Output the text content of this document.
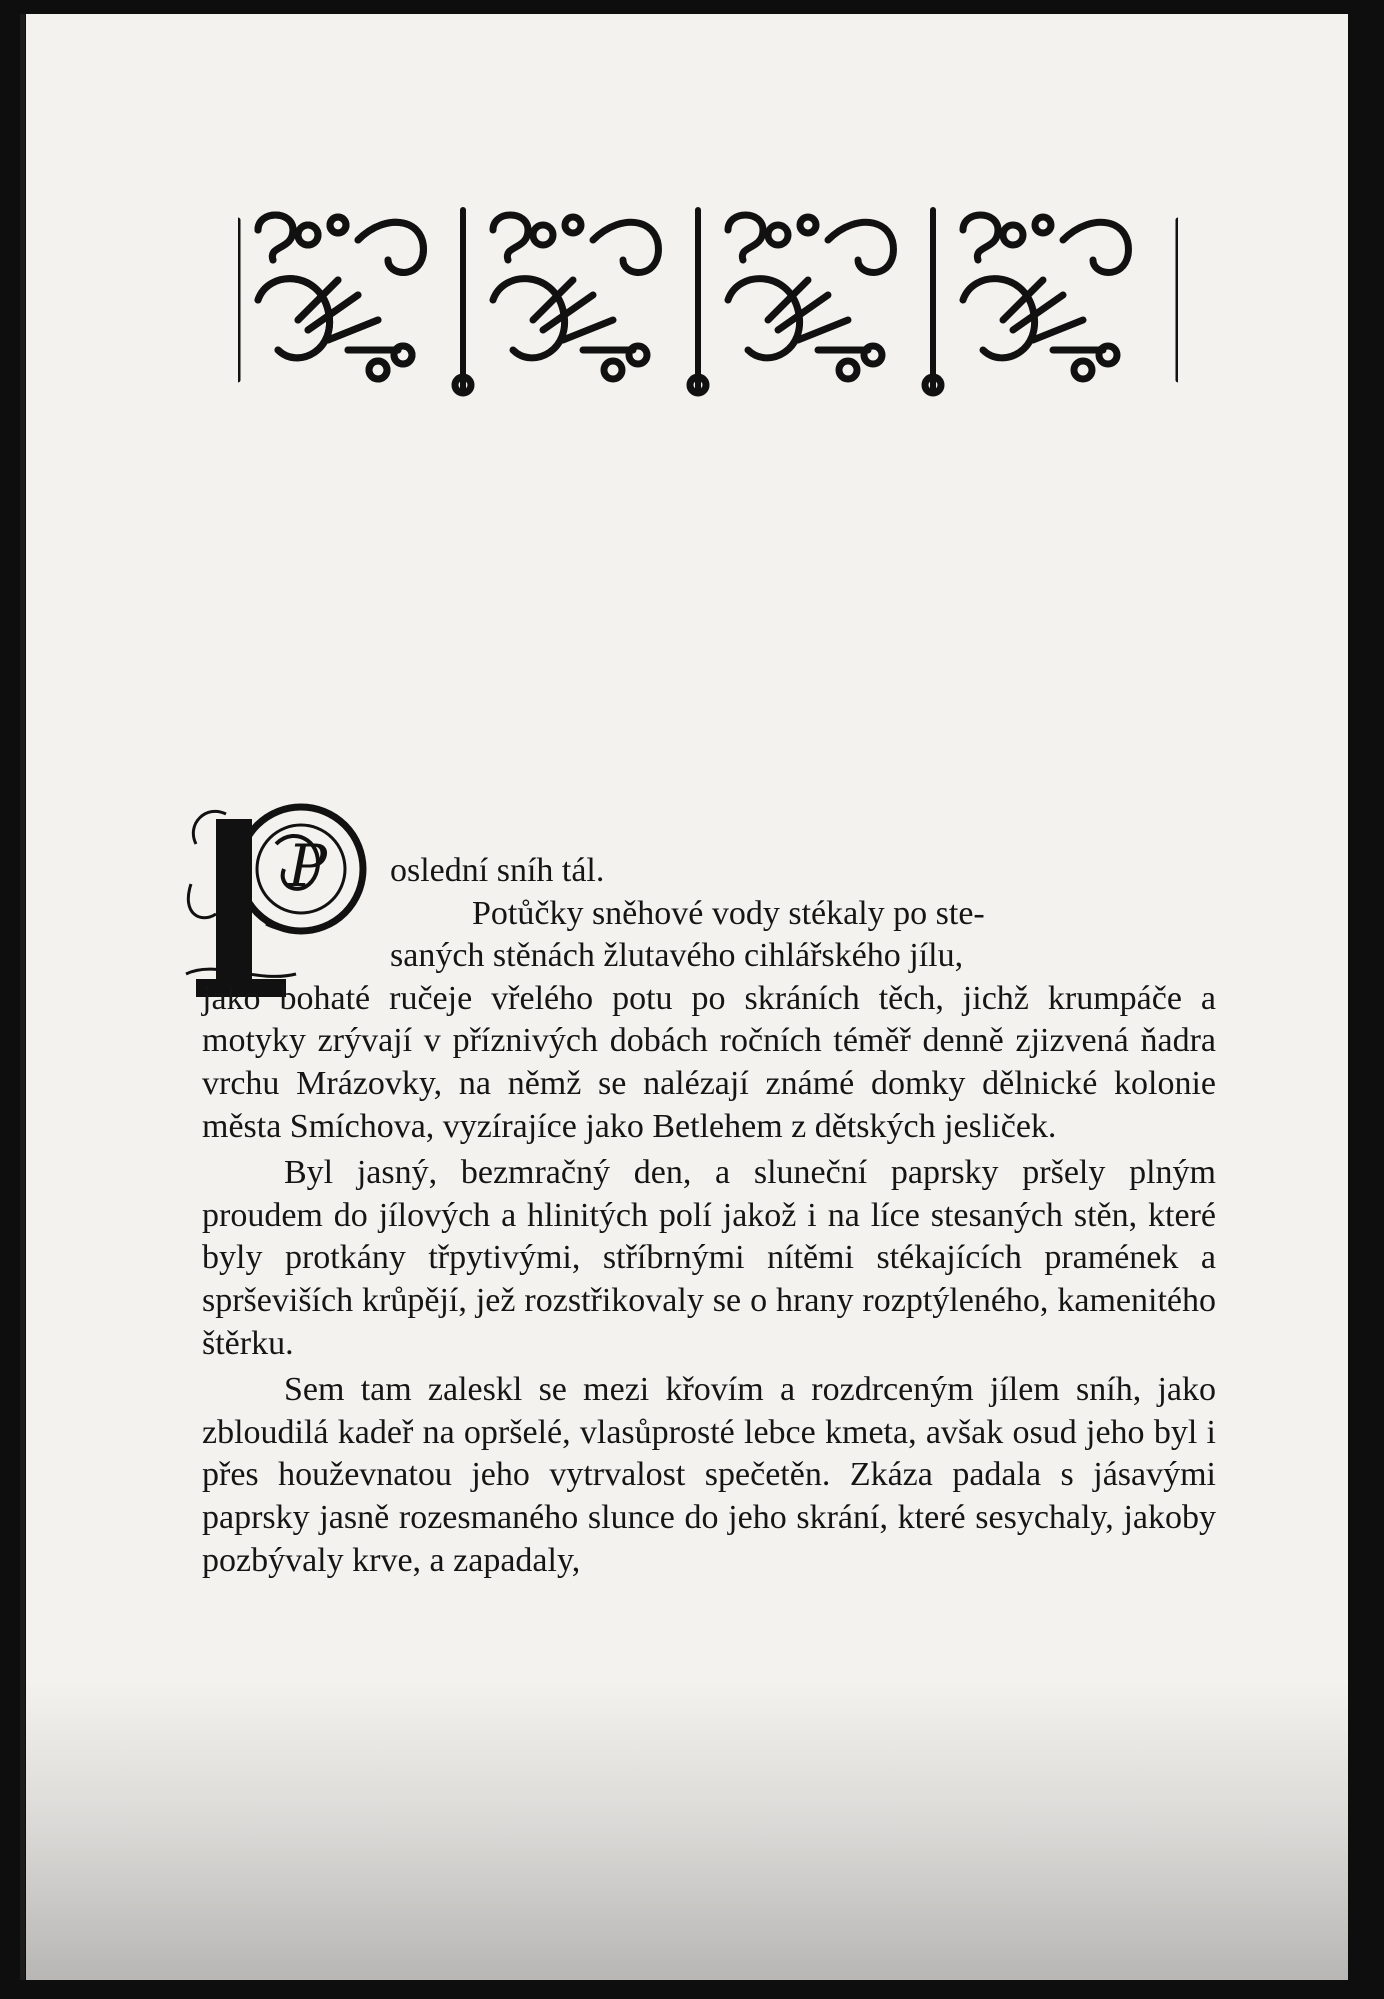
P oslední sníh tál.

Potůčky sněhové vody stékaly po ste-
saných stěnách žlutavého cihlářského jílu,

jako bohaté ručeje vřelého potu po skráních těch, jichž krumpáče a motyky zrývají v příznivých dobách ročních téměř denně zjizvená ňadra vrchu Mrázovky, na němž se nalézají známé domky dělnické kolonie města Smíchova, vyzírajíce jako Betlehem z dětských jesliček.

Byl jasný, bezmračný den, a sluneční paprsky pršely plným proudem do jílových a hlinitých polí jakož i na líce stesaných stěn, které byly protkány třpytivými, stříbrnými nítěmi stékajících pramének a sprševiších krůpějí, jež rozstřikovaly se o hrany rozptýleného, kamenitého štěrku.

Sem tam zaleskl se mezi křovím a rozdrceným jílem sníh, jako zbloudilá kadeř na opršelé, vlasůprosté lebce kmeta, avšak osud jeho byl i přes houževnatou jeho vytrvalost spečetěn. Zkáza padala s jásavými paprsky jasně rozesmaného slunce do jeho skrání, které sesychaly, jakoby pozbývaly krve, a zapadaly,
